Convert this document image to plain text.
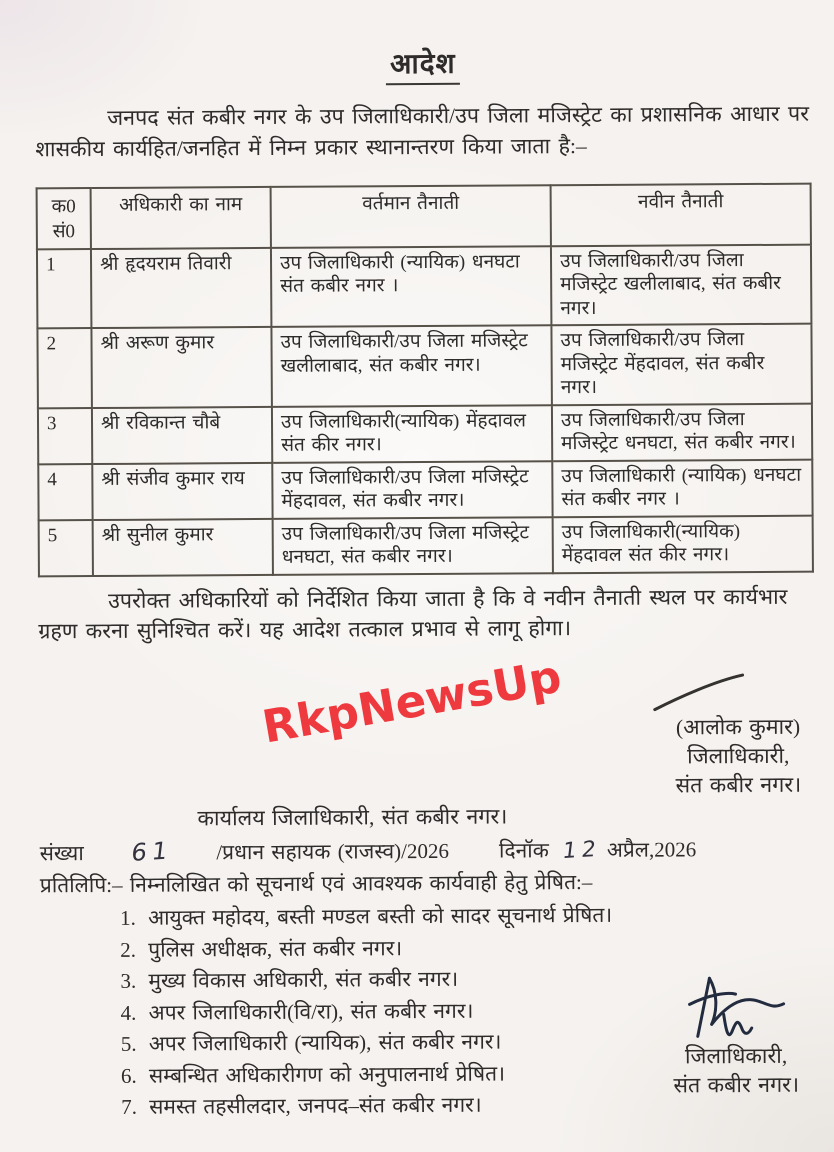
आदेश

जनपद संत कबीर नगर के उप जिलाधिकारी/उप जिला मजिस्ट्रेट का प्रशासनिक आधार पर शासकीय कार्यहित/जनहित में निम्न प्रकार स्थानान्तरण किया जाता है:–

क0
सं0	अधिकारी का नाम	वर्तमान तैनाती	नवीन तैनाती
1	श्री हृदयराम तिवारी	उप जिलाधिकारी (न्यायिक) धनघटा संत कबीर नगर ।	उप जिलाधिकारी/उप जिला मजिस्ट्रेट खलीलाबाद, संत कबीर नगर।
2	श्री अरूण कुमार	उप जिलाधिकारी/उप जिला मजिस्ट्रेट खलीलाबाद, संत कबीर नगर।	उप जिलाधिकारी/उप जिला मजिस्ट्रेट मेंहदावल, संत कबीर नगर।
3	श्री रविकान्त चौबे	उप जिलाधिकारी(न्यायिक) मेंहदावल संत कीर नगर।	उप जिलाधिकारी/उप जिला मजिस्ट्रेट धनघटा, संत कबीर नगर।
4	श्री संजीव कुमार राय	उप जिलाधिकारी/उप जिला मजिस्ट्रेट मेंहदावल, संत कबीर नगर।	उप जिलाधिकारी (न्यायिक) धनघटा संत कबीर नगर ।
5	श्री सुनील कुमार	उप जिलाधिकारी/उप जिला मजिस्ट्रेट धनघटा, संत कबीर नगर।	उप जिलाधिकारी(न्यायिक) मेंहदावल संत कीर नगर।

उपरोक्त अधिकारियों को निर्देशित किया जाता है कि वे नवीन तैनाती स्थल पर कार्यभार ग्रहण करना सुनिश्चित करें। यह आदेश तत्काल प्रभाव से लागू होगा।

RkpNewsUp	(आलोक कुमार)
जिलाधिकारी,
संत कबीर नगर।
कार्यालय जिलाधिकारी, संत कबीर नगर।
संख्या 61 /प्रधान सहायक (राजस्व)/2026 दिनॉक 12 अप्रैल,2026
प्रतिलिपि:– निम्नलिखित को सूचनार्थ एवं आवश्यक कार्यवाही हेतु प्रेषित:–
1. आयुक्त महोदय, बस्ती मण्डल बस्ती को सादर सूचनार्थ प्रेषित।
2. पुलिस अधीक्षक, संत कबीर नगर।
3. मुख्य विकास अधिकारी, संत कबीर नगर।
4. अपर जिलाधिकारी(वि/रा), संत कबीर नगर।
5. अपर जिलाधिकारी (न्यायिक), संत कबीर नगर।
6. सम्बन्धित अधिकारीगण को अनुपालनार्थ प्रेषित।
7. समस्त तहसीलदार, जनपद–संत कबीर नगर।
जिलाधिकारी,
संत कबीर नगर।
